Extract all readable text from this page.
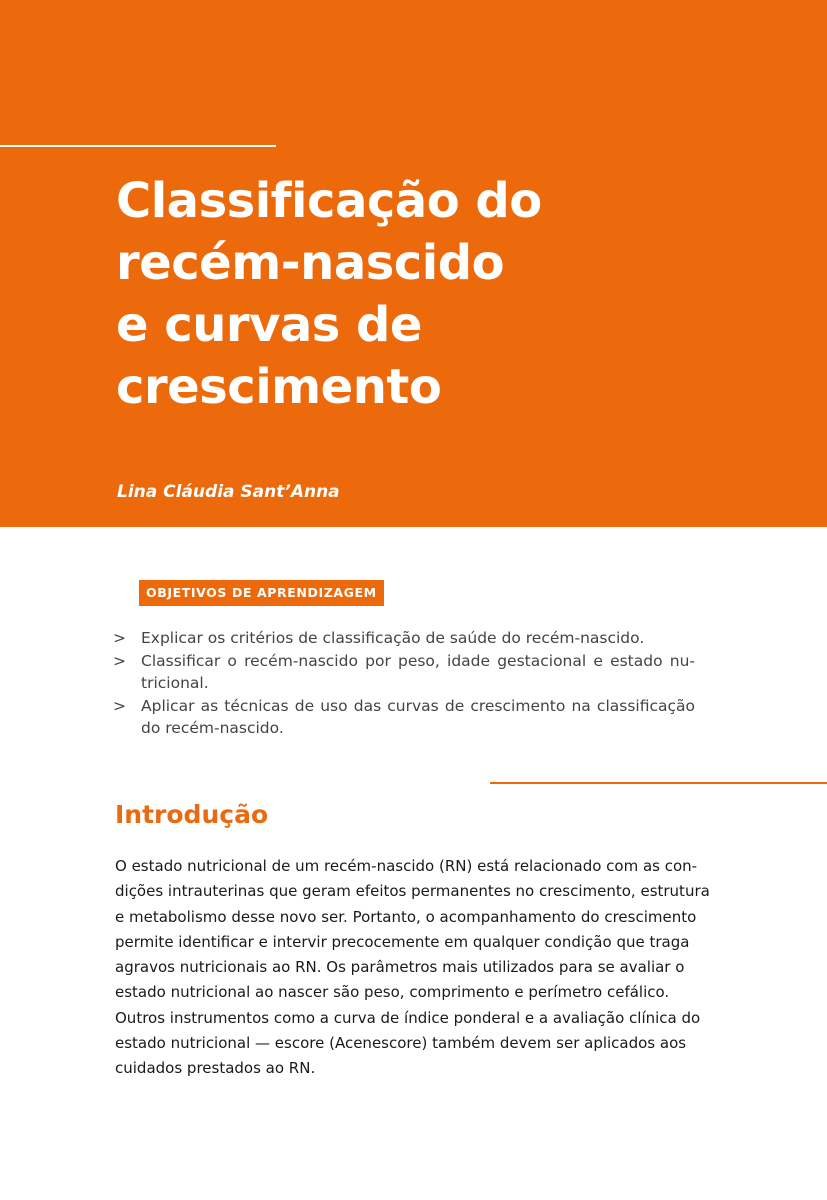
Classificação do
recém-nascido
e curvas de
crescimento
Lina Cláudia Sant’Anna
OBJETIVOS DE APRENDIZAGEM
> Explicar os critérios de classificação de saúde do recém-nascido.
> Classificar o recém-nascido por peso, idade gestacional e estado nu-tricional.
> Aplicar as técnicas de uso das curvas de crescimento na classificação do recém-nascido.
Introdução

O estado nutricional de um recém-nascido (RN) está relacionado com as con-
dições intrauterinas que geram efeitos permanentes no crescimento, estrutura
e metabolismo desse novo ser. Portanto, o acompanhamento do crescimento
permite identificar e intervir precocemente em qualquer condição que traga
agravos nutricionais ao RN. Os parâmetros mais utilizados para se avaliar o
estado nutricional ao nascer são peso, comprimento e perímetro cefálico.
Outros instrumentos como a curva de índice ponderal e a avaliação clínica do
estado nutricional — escore (Acenescore) também devem ser aplicados aos
cuidados prestados ao RN.
